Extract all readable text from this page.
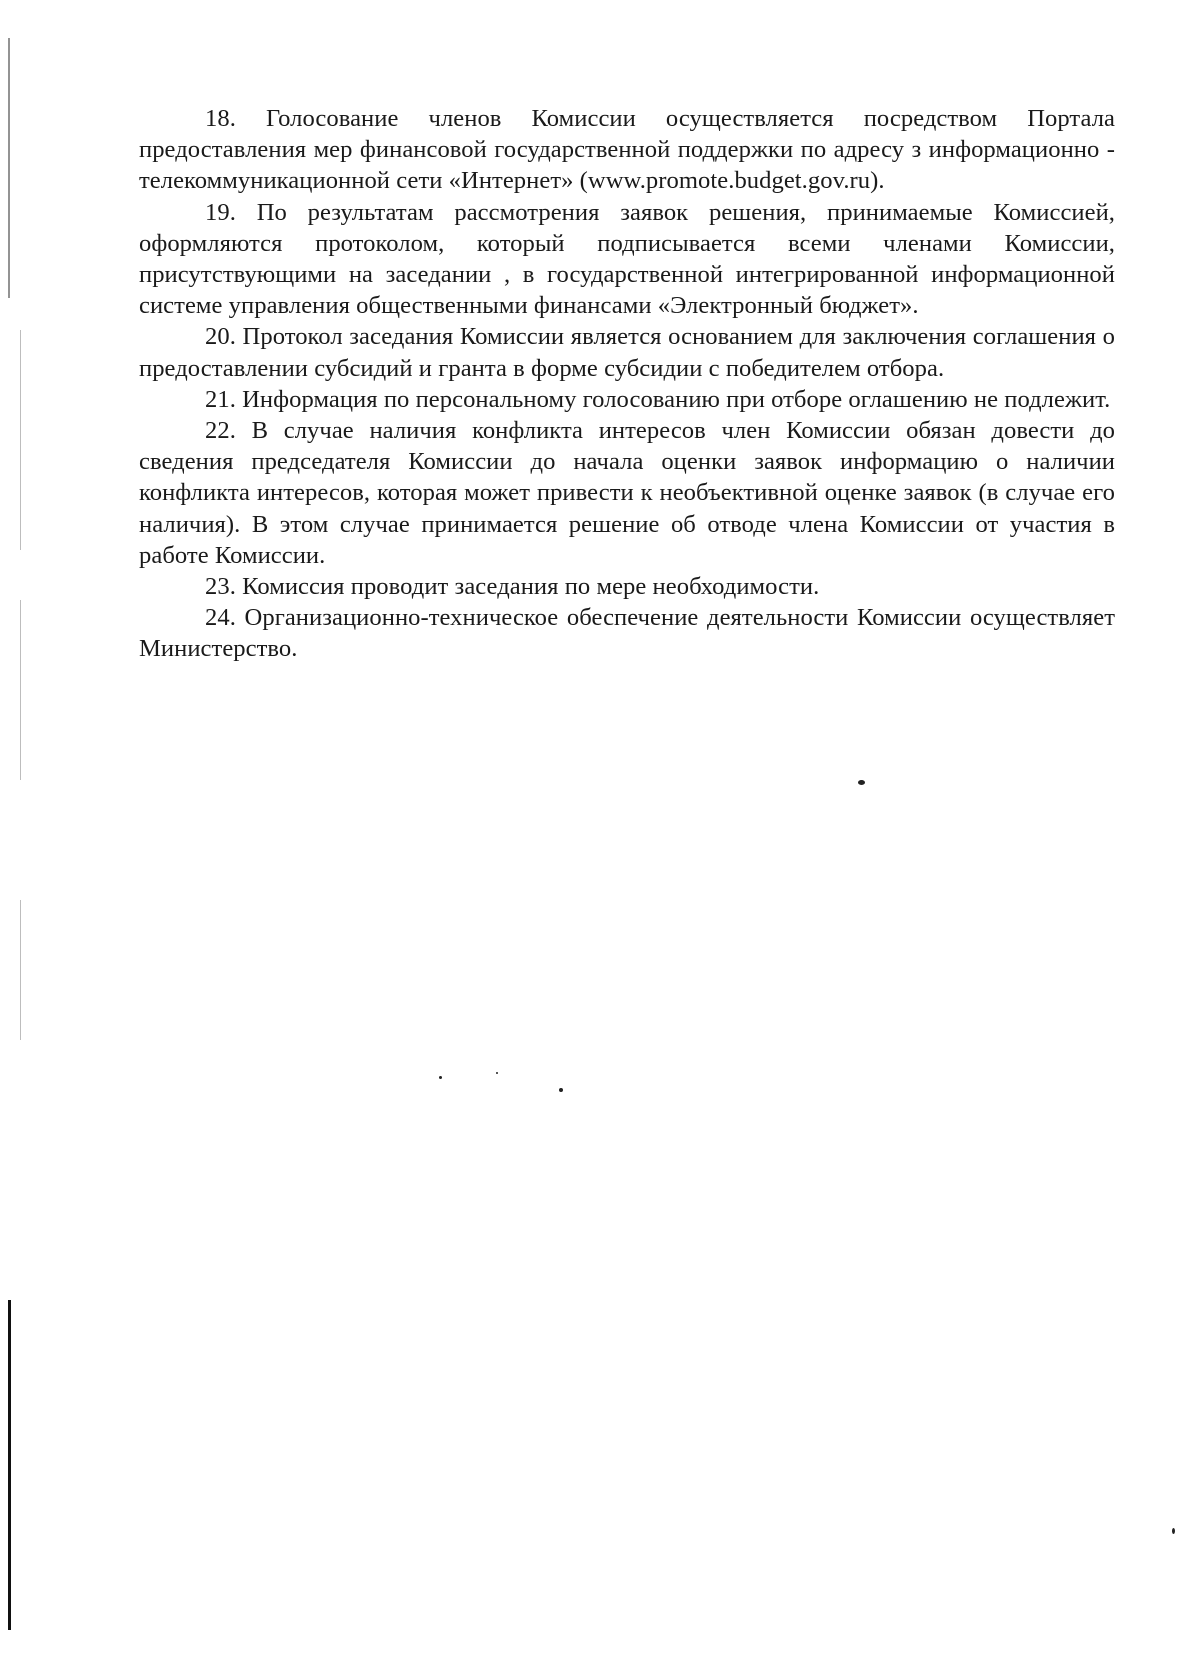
18. Голосование членов Комиссии осуществляется посредством Портала предоставления мер финансовой государственной поддержки по адресу з информационно - телекоммуникационной сети «Интернет» (www.promote.budget.gov.ru).

19. По результатам рассмотрения заявок решения, принимаемые Комиссией, оформляются протоколом, который подписывается всеми членами Комиссии, присутствующими на заседании , в государственной интегрированной информационной системе управления общественными финансами «Электронный бюджет».

20. Протокол заседания Комиссии является основанием для заключения соглашения о предоставлении субсидий и гранта в форме субсидии с победителем отбора.

21. Информация по персональному голосованию при отборе оглашению не подлежит.

22. В случае наличия конфликта интересов член Комиссии обязан довести до сведения председателя Комиссии до начала оценки заявок информацию о наличии конфликта интересов, которая может привести к необъективной оценке заявок (в случае его наличия). В этом случае принимается решение об отводе члена Комиссии от участия в работе Комиссии.

23. Комиссия проводит заседания по мере необходимости.

24. Организационно-техническое обеспечение деятельности Комиссии осуществляет Министерство.
